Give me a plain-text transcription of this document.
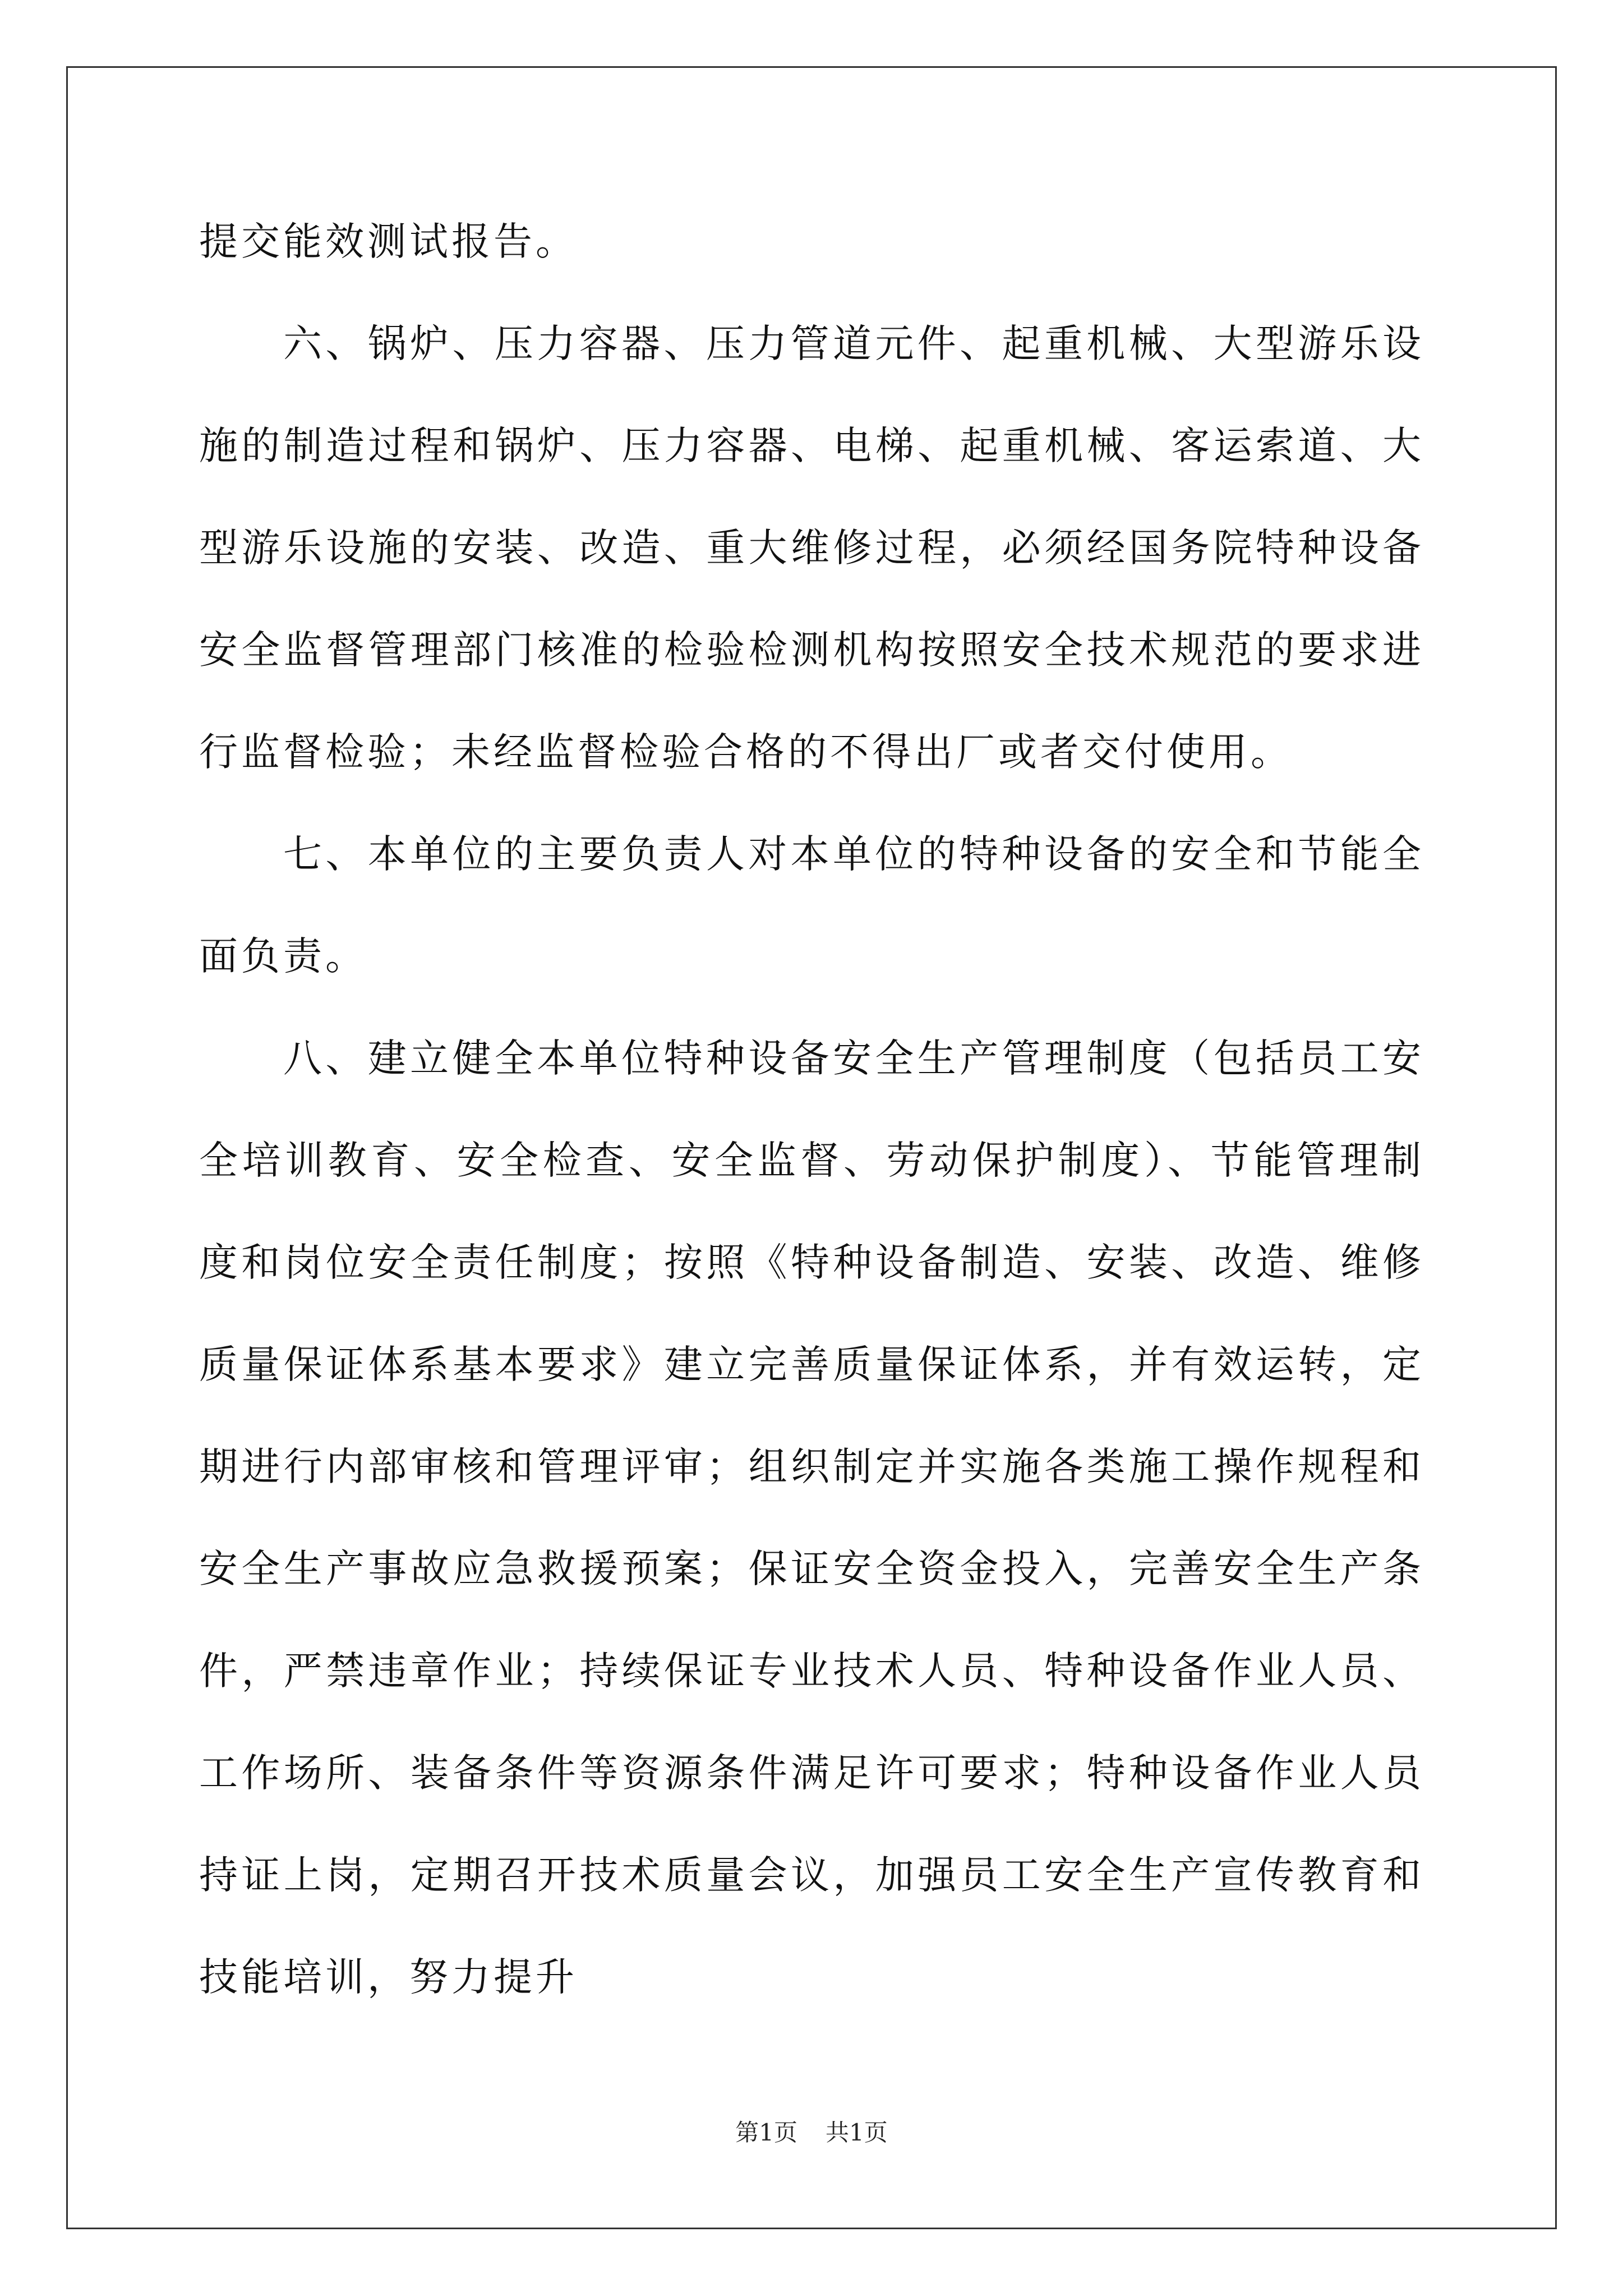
提交能效测试报告。

六、锅炉、压力容器、压力管道元件、起重机械、大型游乐设施的制造过程和锅炉、压力容器、电梯、起重机械、客运索道、大型游乐设施的安装、改造、重大维修过程，必须经国务院特种设备安全监督管理部门核准的检验检测机构按照安全技术规范的要求进行监督检验；未经监督检验合格的不得出厂或者交付使用。

七、本单位的主要负责人对本单位的特种设备的安全和节能全面负责。

八、建立健全本单位特种设备安全生产管理制度（包括员工安全培训教育、安全检查、安全监督、劳动保护制度）、节能管理制度和岗位安全责任制度；按照《特种设备制造、安装、改造、维修质量保证体系基本要求》建立完善质量保证体系，并有效运转，定期进行内部审核和管理评审；组织制定并实施各类施工操作规程和安全生产事故应急救援预案；保证安全资金投入，完善安全生产条件，严禁违章作业；持续保证专业技术人员、特种设备作业人员、工作场所、装备条件等资源条件满足许可要求；特种设备作业人员持证上岗，定期召开技术质量会议，加强员工安全生产宣传教育和技能培训，努力提升

第1页 共1页
